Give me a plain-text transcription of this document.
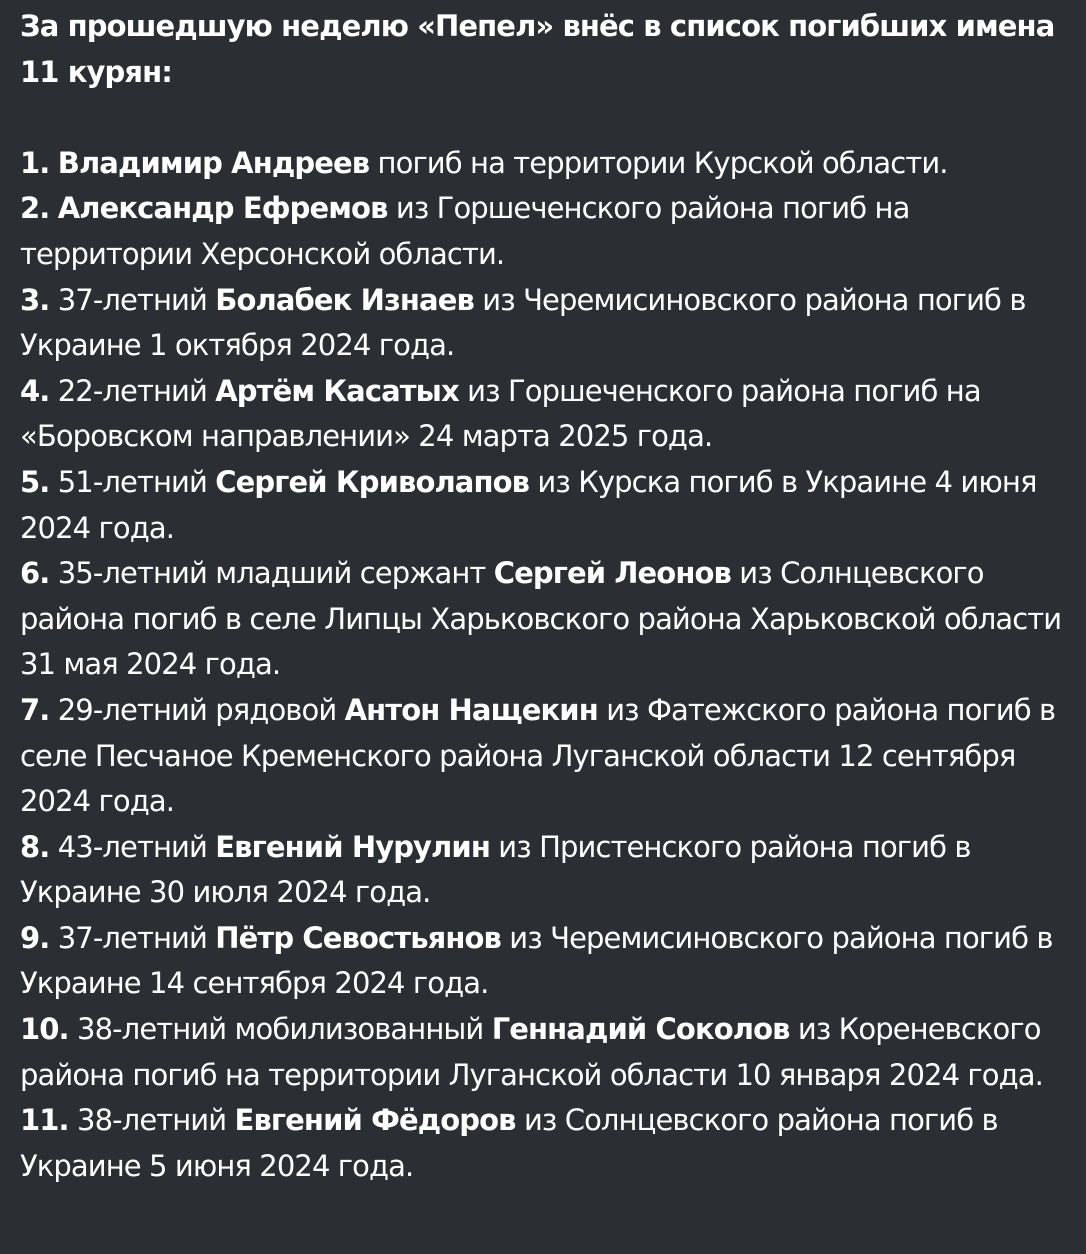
За прошедшую неделю «Пепел» внёс в список погибших имена 11 курян:

1. Владимир Андреев погиб на территории Курской области.

2. Александр Ефремов из Горшеченского района погиб на территории Херсонской области.

3. 37-летний Болабек Изнаев из Черемисиновского района погиб в Украине 1 октября 2024 года.

4. 22-летний Артём Касатых из Горшеченского района погиб на «Боровском направлении» 24 марта 2025 года.

5. 51-летний Сергей Криволапов из Курска погиб в Украине 4 июня 2024 года.

6. 35-летний младший сержант Сергей Леонов из Солнцевского района погиб в селе Липцы Харьковского района Харьковской области 31 мая 2024 года.

7. 29-летний рядовой Антон Нащекин из Фатежского района погиб в селе Песчаное Кременского района Луганской области 12 сентября 2024 года.

8. 43-летний Евгений Нурулин из Пристенского района погиб в Украине 30 июля 2024 года.

9. 37-летний Пётр Севостьянов из Черемисиновского района погиб в Украине 14 сентября 2024 года.

10. 38-летний мобилизованный Геннадий Соколов из Кореневского района погиб на территории Луганской области 10 января 2024 года.

11. 38-летний Евгений Фёдоров из Солнцевского района погиб в Украине 5 июня 2024 года.
